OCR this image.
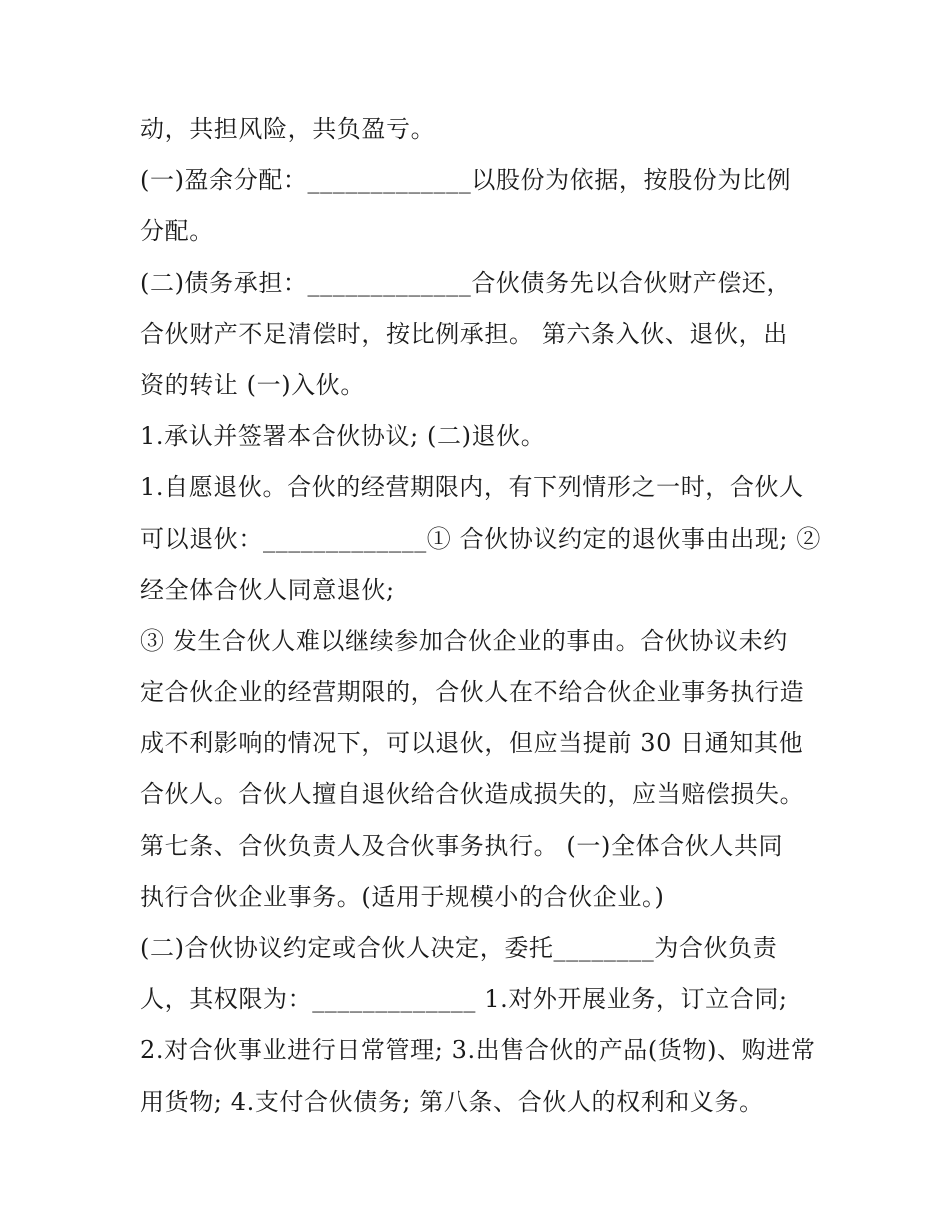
动，共担风险，共负盈亏。
(一)盈余分配：_____________以股份为依据，按股份为比例
分配。
(二)债务承担：_____________合伙债务先以合伙财产偿还，
合伙财产不足清偿时，按比例承担。 第六条入伙、退伙，出
资的转让 (一)入伙。
1.承认并签署本合伙协议; (二)退伙。
1.自愿退伙。合伙的经营期限内，有下列情形之一时，合伙人
可以退伙：_____________① 合伙协议约定的退伙事由出现; ②
经全体合伙人同意退伙;
③ 发生合伙人难以继续参加合伙企业的事由。合伙协议未约
定合伙企业的经营期限的，合伙人在不给合伙企业事务执行造
成不利影响的情况下，可以退伙，但应当提前 30 日通知其他
合伙人。合伙人擅自退伙给合伙造成损失的，应当赔偿损失。
第七条、合伙负责人及合伙事务执行。 (一)全体合伙人共同
执行合伙企业事务。(适用于规模小的合伙企业。)
(二)合伙协议约定或合伙人决定，委托________为合伙负责
人，其权限为：_____________ 1.对外开展业务，订立合同;
2.对合伙事业进行日常管理; 3.出售合伙的产品(货物)、购进常
用货物; 4.支付合伙债务; 第八条、合伙人的权利和义务。
